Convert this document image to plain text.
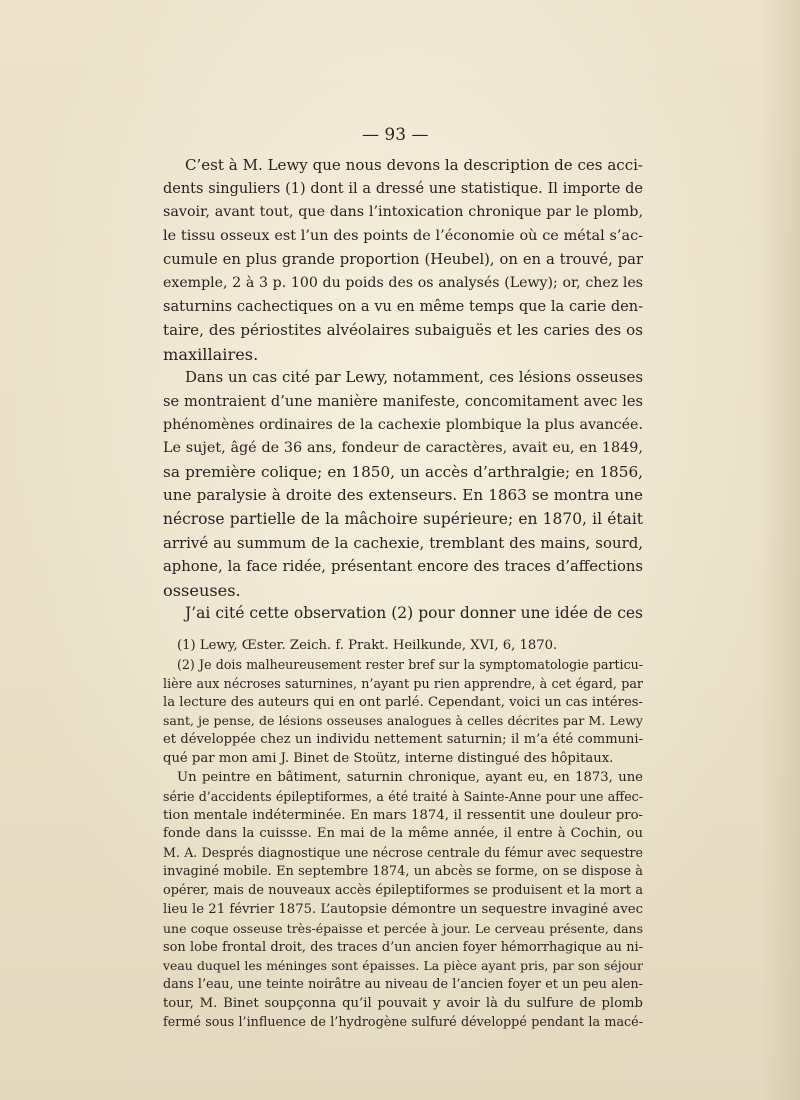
— 93 —
C’est à M. Lewy que nous devons la description de ces acci-
dents singuliers (1) dont il a dressé une statistique. Il importe de
savoir, avant tout, que dans l’intoxication chronique par le plomb,
le tissu osseux est l’un des points de l’économie où ce métal s’ac-
cumule en plus grande proportion (Heubel), on en a trouvé, par
exemple, 2 à 3 p. 100 du poids des os analysés (Lewy); or, chez les
saturnins cachectiques on a vu en même temps que la carie den-
taire, des périostites alvéolaires subaiguës et les caries des os
maxillaires.
Dans un cas cité par Lewy, notamment, ces lésions osseuses
se montraient d’une manière manifeste, concomitament avec les
phénomènes ordinaires de la cachexie plombique la plus avancée.
Le sujet, âgé de 36 ans, fondeur de caractères, avait eu, en 1849,
sa première colique; en 1850, un accès d’arthralgie; en 1856,
une paralysie à droite des extenseurs. En 1863 se montra une
nécrose partielle de la mâchoire supérieure; en 1870, il était
arrivé au summum de la cachexie, tremblant des mains, sourd,
aphone, la face ridée, présentant encore des traces d’affections
osseuses.
J’ai cité cette observation (2) pour donner une idée de ces
(1) Lewy, Œster. Zeich. f. Prakt. Heilkunde, XVI, 6, 1870.
(2) Je dois malheureusement rester bref sur la symptomatologie particu-
lière aux nécroses saturnines, n’ayant pu rien apprendre, à cet égard, par
la lecture des auteurs qui en ont parlé. Cependant, voici un cas intéres-
sant, je pense, de lésions osseuses analogues à celles décrites par M. Lewy
et développée chez un individu nettement saturnin; il m’a été communi-
qué par mon ami J. Binet de Stoütz, interne distingué des hôpitaux.
Un peintre en bâtiment, saturnin chronique, ayant eu, en 1873, une
série d’accidents épileptiformes, a été traité à Sainte-Anne pour une affec-
tion mentale indéterminée. En mars 1874, il ressentit une douleur pro-
fonde dans la cuissse. En mai de la même année, il entre à Cochin, ou
M. A. Després diagnostique une nécrose centrale du fémur avec sequestre
invaginé mobile. En septembre 1874, un abcès se forme, on se dispose à
opérer, mais de nouveaux accès épileptiformes se produisent et la mort a
lieu le 21 février 1875. L’autopsie démontre un sequestre invaginé avec
une coque osseuse très-épaisse et percée à jour. Le cerveau présente, dans
son lobe frontal droit, des traces d’un ancien foyer hémorrhagique au ni-
veau duquel les méninges sont épaisses. La pièce ayant pris, par son séjour
dans l’eau, une teinte noirâtre au niveau de l’ancien foyer et un peu alen-
tour, M. Binet soupçonna qu’il pouvait y avoir là du sulfure de plomb
fermé sous l’influence de l’hydrogène sulfuré développé pendant la macé-
